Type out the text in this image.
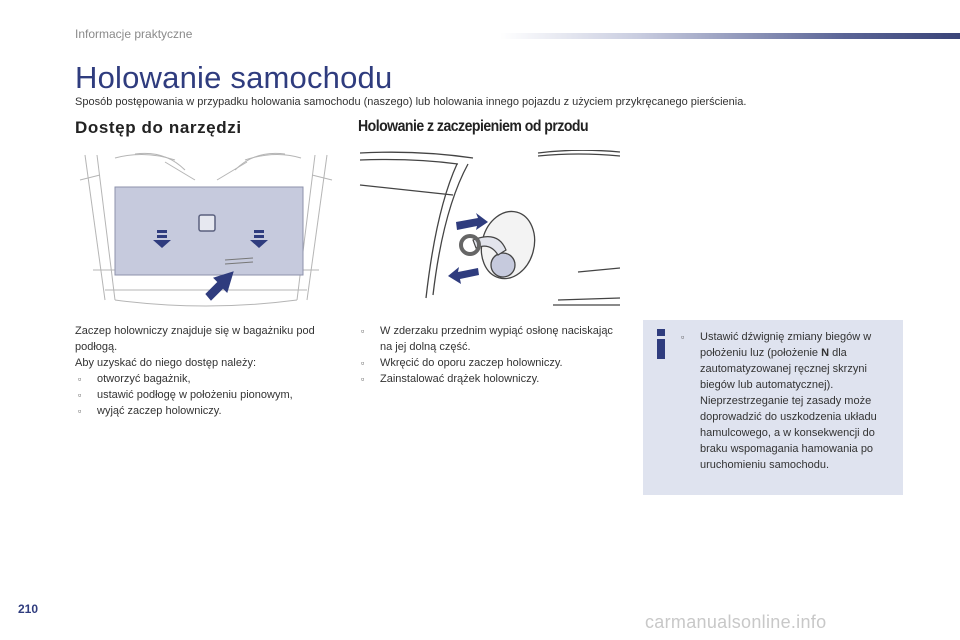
Informacje praktyczne
Holowanie samochodu
Sposób postępowania w przypadku holowania samochodu (naszego) lub holowania innego pojazdu z użyciem przykręcanego pierścienia.
Dostęp do narzędzi	Holowanie z zaczepieniem od przodu

Zaczep holowniczy znajduje się w bagażniku pod podłogą.

Aby uzyskać do niego dostęp należy:

▫ otworzyć bagażnik,
▫ ustawić podłogę w położeniu pionowym,
▫ wyjąć zaczep holowniczy.
▫ W zderzaku przednim wypiąć osłonę naciskając na jej dolną część.
▫ Wkręcić do oporu zaczep holowniczy.
▫ Zainstalować drążek holowniczy.
▫ Ustawić dźwignię zmiany biegów w położeniu luz (położenie N dla zautomatyzowanej ręcznej skrzyni biegów lub automatycznej). Nieprzestrzeganie tej zasady może doprowadzić do uszkodzenia układu hamulcowego, a w konsekwencji do braku wspomagania hamowania po uruchomieniu samochodu.
210
carmanualsonline.info
